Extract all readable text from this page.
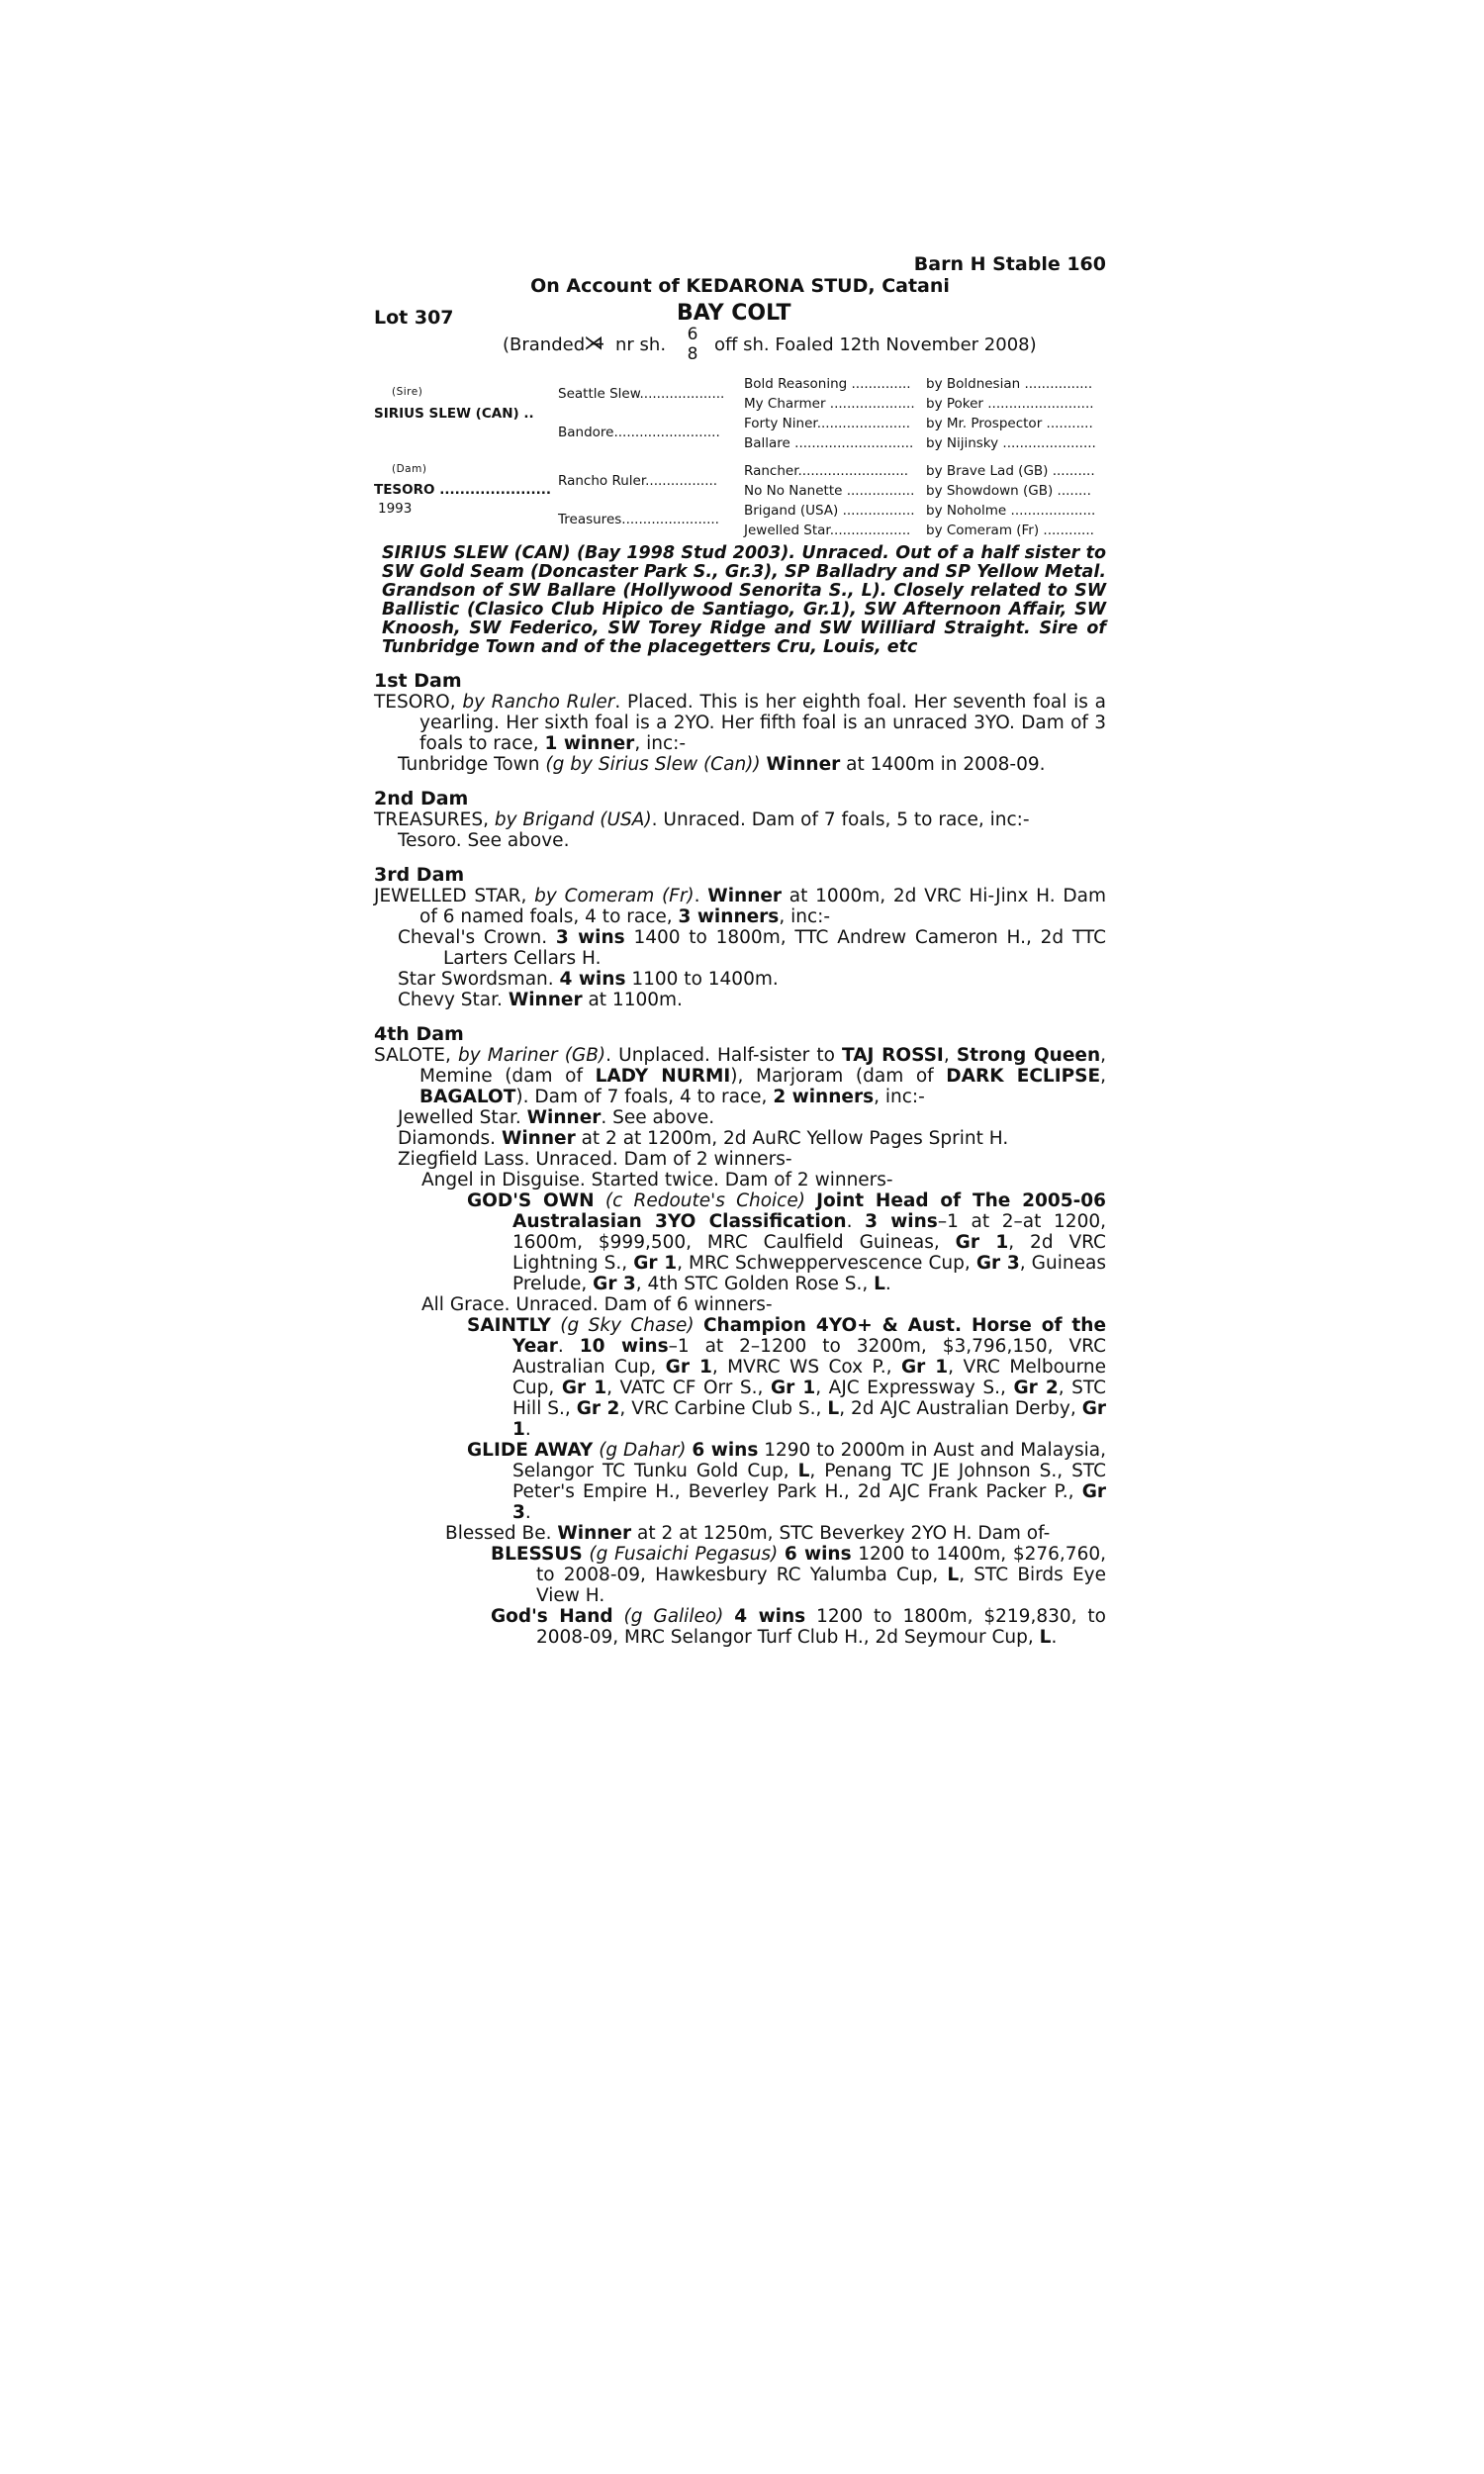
Barn H Stable 160
On Account of KEDARONA STUD, Catani
Lot 307	BAY COLT
(Branded
⋊̶ nr sh. 6
8 off sh. Foaled 12th November 2008)
(Sire)
SIRIUS SLEW (CAN) ..
(Dam)
TESORO ......................
1993
Seattle Slew....................
Bandore.........................
Rancho Ruler.................
Treasures.......................
Bold Reasoning ..............
My Charmer ....................
Forty Niner......................
Ballare ............................
Rancher..........................
No No Nanette ................
Brigand (USA) .................
Jewelled Star...................
by Boldnesian ................
by Poker .........................
by Mr. Prospector ...........
by Nijinsky ......................
by Brave Lad (GB) ..........
by Showdown (GB) ........
by Noholme ....................
by Comeram (Fr) ............
SIRIUS SLEW (CAN) (Bay 1998 Stud 2003). Unraced. Out of a half sister to SW Gold Seam (Doncaster Park S., Gr.3), SP Balladry and SP Yellow Metal. Grandson of SW Ballare (Hollywood Senorita S., L). Closely related to SW Ballistic (Clasico Club Hipico de Santiago, Gr.1), SW Afternoon Affair, SW Knoosh, SW Federico, SW Torey Ridge and SW Williard Straight. Sire of Tunbridge Town and of the placegetters Cru, Louis, etc
1st Dam
TESORO, by Rancho Ruler. Placed. This is her eighth foal. Her seventh foal is a yearling. Her sixth foal is a 2YO. Her fifth foal is an unraced 3YO. Dam of 3 foals to race, 1 winner, inc:-
Tunbridge Town (g by Sirius Slew (Can)) Winner at 1400m in 2008-09.
2nd Dam
TREASURES, by Brigand (USA). Unraced. Dam of 7 foals, 5 to race, inc:-
Tesoro. See above.
3rd Dam
JEWELLED STAR, by Comeram (Fr). Winner at 1000m, 2d VRC Hi-Jinx H. Dam of 6 named foals, 4 to race, 3 winners, inc:-
Cheval's Crown. 3 wins 1400 to 1800m, TTC Andrew Cameron H., 2d TTC Larters Cellars H.
Star Swordsman. 4 wins 1100 to 1400m.
Chevy Star. Winner at 1100m.
4th Dam
SALOTE, by Mariner (GB). Unplaced. Half-sister to TAJ ROSSI, Strong Queen, Memine (dam of LADY NURMI), Marjoram (dam of DARK ECLIPSE, BAGALOT). Dam of 7 foals, 4 to race, 2 winners, inc:-
Jewelled Star. Winner. See above.
Diamonds. Winner at 2 at 1200m, 2d AuRC Yellow Pages Sprint H.
Ziegfield Lass. Unraced. Dam of 2 winners-
Angel in Disguise. Started twice. Dam of 2 winners-
GOD'S OWN (c Redoute's Choice) Joint Head of The 2005-06 Australasian 3YO Classification. 3 wins–1 at 2–at 1200, 1600m, $999,500, MRC Caulfield Guineas, Gr 1, 2d VRC Lightning S., Gr 1, MRC Schweppervescence Cup, Gr 3, Guineas Prelude, Gr 3, 4th STC Golden Rose S., L.
All Grace. Unraced. Dam of 6 winners-
SAINTLY (g Sky Chase) Champion 4YO+ & Aust. Horse of the Year. 10 wins–1 at 2–1200 to 3200m, $3,796,150, VRC Australian Cup, Gr 1, MVRC WS Cox P., Gr 1, VRC Melbourne Cup, Gr 1, VATC CF Orr S., Gr 1, AJC Expressway S., Gr 2, STC Hill S., Gr 2, VRC Carbine Club S., L, 2d AJC Australian Derby, Gr 1.
GLIDE AWAY (g Dahar) 6 wins 1290 to 2000m in Aust and Malaysia, Selangor TC Tunku Gold Cup, L, Penang TC JE Johnson S., STC Peter's Empire H., Beverley Park H., 2d AJC Frank Packer P., Gr 3.
Blessed Be. Winner at 2 at 1250m, STC Beverkey 2YO H. Dam of-
BLESSUS (g Fusaichi Pegasus) 6 wins 1200 to 1400m, $276,760, to 2008-09, Hawkesbury RC Yalumba Cup, L, STC Birds Eye View H.
God's Hand (g Galileo) 4 wins 1200 to 1800m, $219,830, to 2008-09, MRC Selangor Turf Club H., 2d Seymour Cup, L.
